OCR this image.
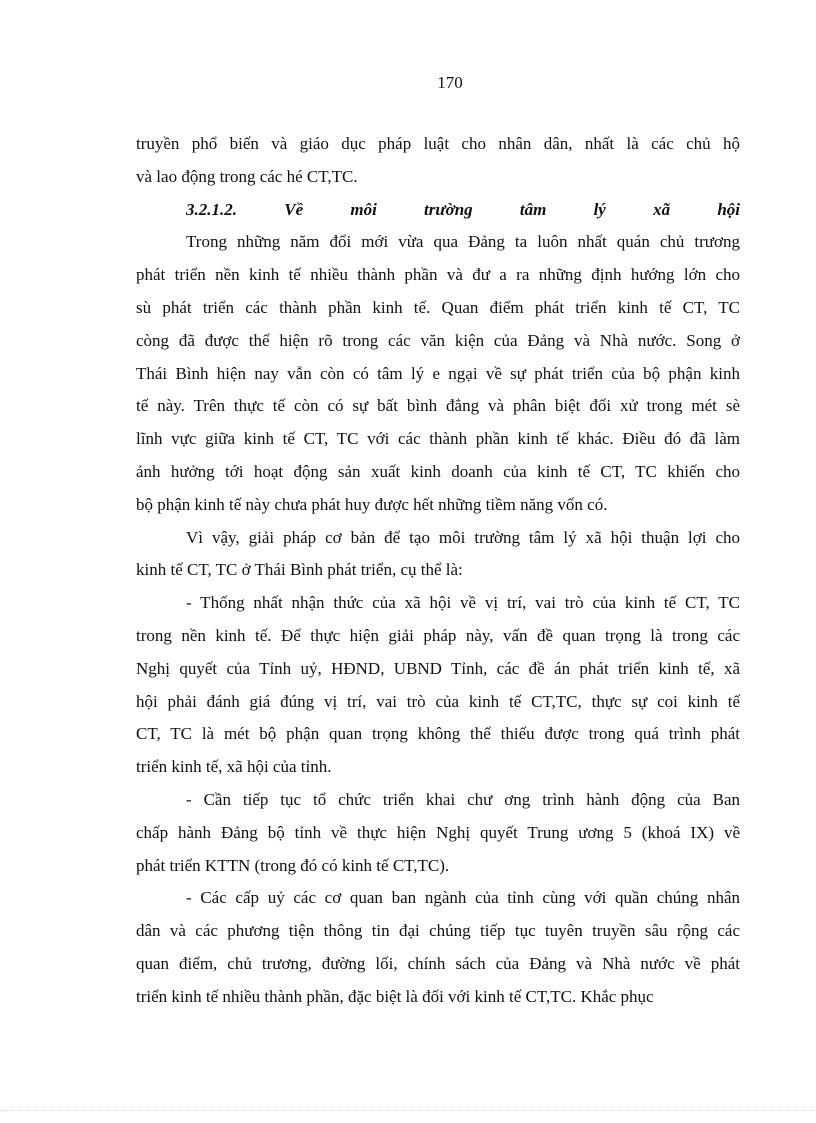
170
truyền phổ biến và giáo dục pháp luật cho nhân dân, nhất là các chủ hộ
và lao động trong các hé CT,TC.
3.2.1.2. Về môi trường tâm lý xã hội
Trong những năm đổi mới vừa qua Đảng ta luôn nhất quán chủ trương
phát triển nền kinh tế nhiều thành phần và đư a ra những định hướng lớn cho
sù phát triển các thành phần kinh tế. Quan điểm phát triển kinh tế CT, TC
còng đã được thể hiện rõ trong các văn kiện của Đảng và Nhà nước. Song ở
Thái Bình hiện nay vẫn còn có tâm lý e ngại về sự phát triển của bộ phận kinh
tế này. Trên thực tế còn có sự bất bình đẳng và phân biệt đối xử trong mét sè
lĩnh vực giữa kinh tế CT, TC với các thành phần kinh tế khác. Điều đó đã làm
ảnh hưởng tới hoạt động sản xuất kinh doanh của kinh tế CT, TC khiến cho
bộ phận kinh tế này chưa phát huy được hết những tiềm năng vốn có.
Vì vậy, giải pháp cơ bản để tạo môi trường tâm lý xã hội thuận lợi cho
kinh tế CT, TC ở Thái Bình phát triển, cụ thể là:
- Thống nhất nhận thức của xã hội về vị trí, vai trò của kinh tế CT, TC
trong nền kinh tế. Để thực hiện giải pháp này, vấn đề quan trọng là trong các
Nghị quyết của Tỉnh uỷ, HĐND, UBND Tỉnh, các đề án phát triển kinh tế, xã
hội phải đánh giá đúng vị trí, vai trò của kinh tế CT,TC, thực sự coi kinh tế
CT, TC là mét bộ phận quan trọng không thể thiếu được trong quá trình phát
triển kinh tế, xã hội của tỉnh.
- Cần tiếp tục tổ chức triển khai chư ơng trình hành động của Ban
chấp hành Đảng bộ tỉnh về thực hiện Nghị quyết Trung ương 5 (khoá IX) về
phát triển KTTN (trong đó có kinh tế CT,TC).
- Các cấp uỷ các cơ quan ban ngành của tỉnh cùng với quần chúng nhân
dân và các phương tiện thông tin đại chúng tiếp tục tuyên truyền sâu rộng các
quan điểm, chủ trương, đường lối, chính sách của Đảng và Nhà nước về phát
triển kinh tế nhiều thành phần, đặc biệt là đối với kinh tế CT,TC. Khắc phục
